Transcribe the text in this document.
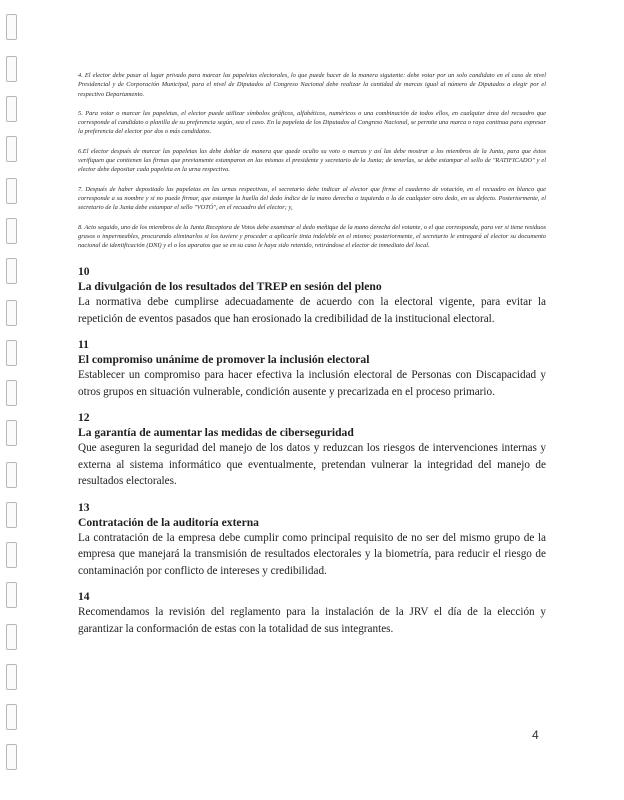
4. El elector debe pasar al lugar privado para marcar las papeletas electorales, lo que puede hacer de la manera siguiente: debe votar por un solo candidato en el caso de nivel Presidencial y de Corporación Municipal, para el nivel de Diputados al Congreso Nacional debe realizar la cantidad de marcas igual al número de Diputados a elegir por el respectivo Departamento.

5. Para votar o marcar las papeletas, el elector puede utilizar símbolos gráficos, alfabéticos, numéricos o una combinación de todos ellos, en cualquier área del recuadro que corresponde al candidato o planilla de su preferencia según, sea el caso. En la papeleta de los Diputados al Congreso Nacional, se permite una marca o raya continua para expresar la preferencia del elector por dos o más candidatos.

6.El elector después de marcar las papeletas las debe doblar de manera que quede oculto su voto o marcas y así las debe mostrar a los miembros de la Junta, para que éstos verifiquen que contienen las firmas que previamente estamparon en las mismas el presidente y secretario de la Junta; de tenerlas, se debe estampar el sello de "RATIFICADO" y el elector debe depositar cada papeleta en la urna respectiva.

7. Después de haber depositado las papeletas en las urnas respectivas, el secretario debe indicar al elector que firme el cuaderno de votación, en el recuadro en blanco que corresponde a su nombre y si no puede firmar, que estampe la huella del dedo índice de la mano derecha o izquierda o la de cualquier otro dedo, en su defecto. Posteriormente, el secretario de la Junta debe estampar el sello "VOTÓ", en el recuadro del elector; y,

8. Acto seguido, uno de los miembros de la Junta Receptora de Votos debe examinar el dedo meñique de la mano derecha del votante, o el que corresponda, para ver si tiene residuos grasos o impermeables, procurando eliminarlos si los tuviere y proceder a aplicarle tinta indeleble en el mismo; posteriormente, el secretario le entregará al elector su documento nacional de identificación (DNI) y el o los aparatos que se en su caso le haya sido retenido, retirándose el elector de inmediato del local.

10
La divulgación de los resultados del TREP en sesión del pleno
La normativa debe cumplirse adecuadamente de acuerdo con la electoral vigente, para evitar la repetición de eventos pasados que han erosionado la credibilidad de la institucional electoral.
11
El compromiso unánime de promover la inclusión electoral
Establecer un compromiso para hacer efectiva la inclusión electoral de Personas con Discapacidad y otros grupos en situación vulnerable, condición ausente y precarizada en el proceso primario.
12
La garantía de aumentar las medidas de ciberseguridad
Que aseguren la seguridad del manejo de los datos y reduzcan los riesgos de intervenciones internas y externa al sistema informático que eventualmente, pretendan vulnerar la integridad del manejo de resultados electorales.
13
Contratación de la auditoría externa
La contratación de la empresa debe cumplir como principal requisito de no ser del mismo grupo de la empresa que manejará la transmisión de resultados electorales y la biometría, para reducir el riesgo de contaminación por conflicto de intereses y credibilidad.
14
Recomendamos la revisión del reglamento para la instalación de la JRV el día de la elección y garantizar la conformación de estas con la totalidad de sus integrantes.
4
